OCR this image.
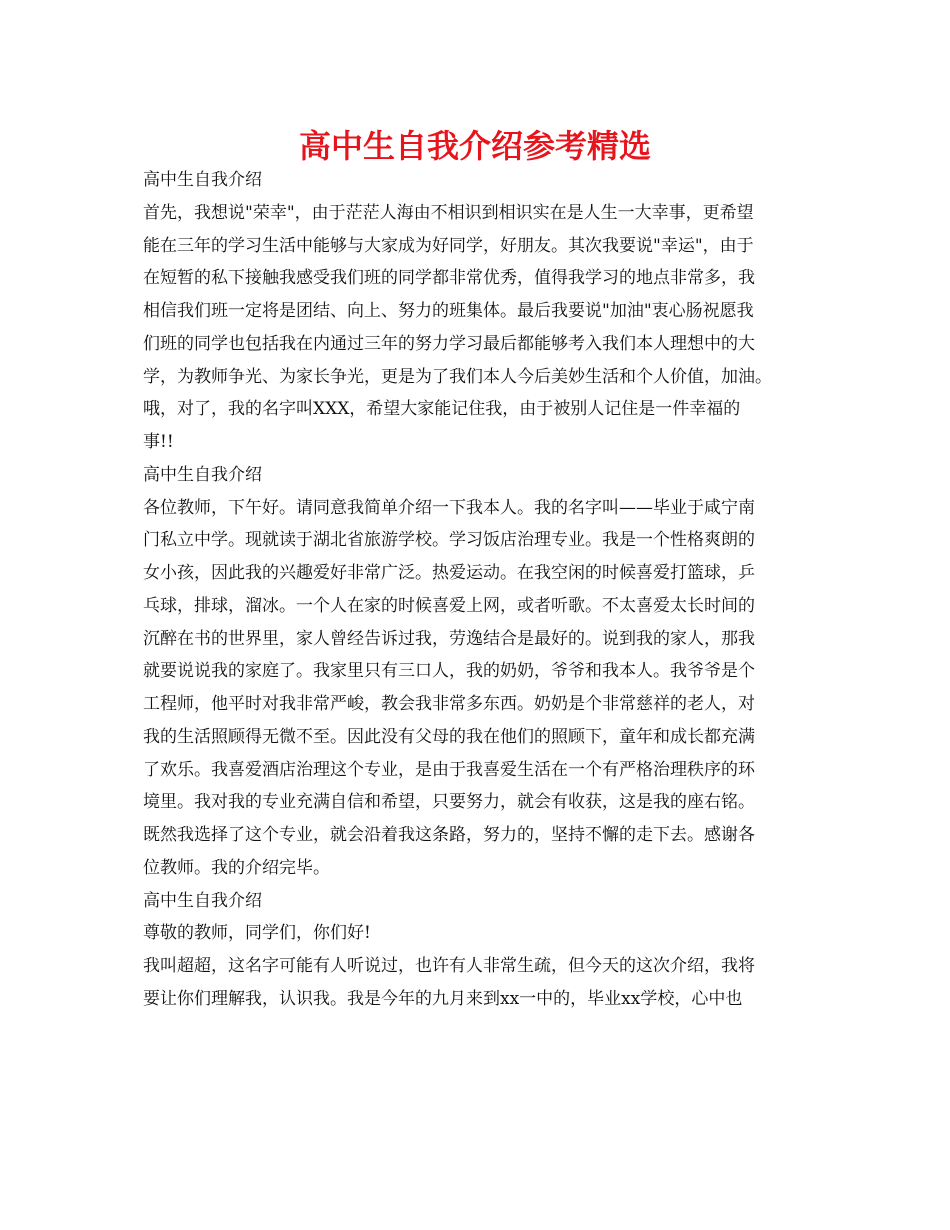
高中生自我介绍参考精选
高中生自我介绍
首先，我想说"荣幸"，由于茫茫人海由不相识到相识实在是人生一大幸事，更希望
能在三年的学习生活中能够与大家成为好同学，好朋友。其次我要说"幸运"，由于
在短暂的私下接触我感受我们班的同学都非常优秀，值得我学习的地点非常多，我
相信我们班一定将是团结、向上、努力的班集体。最后我要说"加油"衷心肠祝愿我
们班的同学也包括我在内通过三年的努力学习最后都能够考入我们本人理想中的大
学，为教师争光、为家长争光，更是为了我们本人今后美妙生活和个人价值，加油。
哦，对了，我的名字叫XXX，希望大家能记住我，由于被别人记住是一件幸福的
事!!
高中生自我介绍
各位教师，下午好。请同意我简单介绍一下我本人。我的名字叫——毕业于咸宁南
门私立中学。现就读于湖北省旅游学校。学习饭店治理专业。我是一个性格爽朗的
女小孩，因此我的兴趣爱好非常广泛。热爱运动。在我空闲的时候喜爱打篮球，乒
乓球，排球，溜冰。一个人在家的时候喜爱上网，或者听歌。不太喜爱太长时间的
沉醉在书的世界里，家人曾经告诉过我，劳逸结合是最好的。说到我的家人，那我
就要说说我的家庭了。我家里只有三口人，我的奶奶，爷爷和我本人。我爷爷是个
工程师，他平时对我非常严峻，教会我非常多东西。奶奶是个非常慈祥的老人，对
我的生活照顾得无微不至。因此没有父母的我在他们的照顾下，童年和成长都充满
了欢乐。我喜爱酒店治理这个专业，是由于我喜爱生活在一个有严格治理秩序的环
境里。我对我的专业充满自信和希望，只要努力，就会有收获，这是我的座右铭。
既然我选择了这个专业，就会沿着我这条路，努力的，坚持不懈的走下去。感谢各
位教师。我的介绍完毕。
高中生自我介绍
尊敬的教师，同学们，你们好!
我叫超超，这名字可能有人听说过，也许有人非常生疏，但今天的这次介绍，我将
要让你们理解我，认识我。我是今年的九月来到xx一中的，毕业xx学校，心中也
